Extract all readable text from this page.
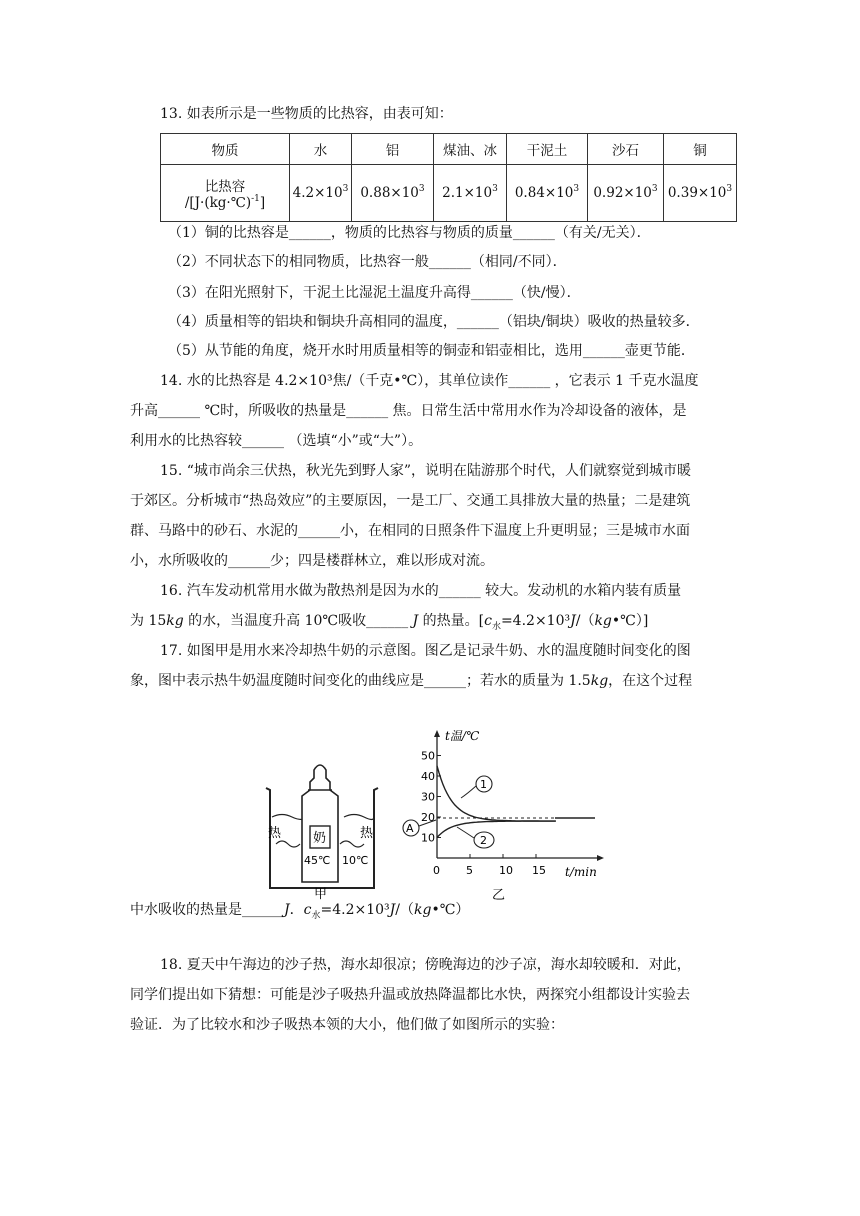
13. 如表所示是一些物质的比热容，由表可知：
物质	水	铝	煤油、冰	干泥土	沙石	铜

比热容
/[J·(kg·℃)$^{-1}$]	$4.2\times 10^3$	$0.88\times 10^3$	$2.1\times 10^3$	$0.84\times 10^3$	$0.92\times 10^3$	$0.39\times 10^3$
（1）铜的比热容是______，物质的比热容与物质的质量______（有关/无关）．
（2）不同状态下的相同物质，比热容一般______（相同/不同）．
（3）在阳光照射下，干泥土比湿泥土温度升高得______（快/慢）．
（4）质量相等的铝块和铜块升高相同的温度，______（铝块/铜块）吸收的热量较多．
（5）从节能的角度，烧开水时用质量相等的铜壶和铝壶相比，选用______壶更节能．
14. 水的比热容是 4.2×10³焦/（千克•℃），其单位读作______ ，它表示 1 千克水温度
升高______ ℃时，所吸收的热量是______ 焦。日常生活中常用水作为冷却设备的液体，是
利用水的比热容较______ （选填“小”或“大”）。
15. “城市尚余三伏热，秋光先到野人家”，说明在陆游那个时代，人们就察觉到城市暖
于郊区。分析城市“热岛效应”的主要原因，一是工厂、交通工具排放大量的热量；二是建筑
群、马路中的砂石、水泥的______小，在相同的日照条件下温度上升更明显；三是城市水面
小，水所吸收的______少；四是楼群林立，难以形成对流。
16. 汽车发动机常用水做为散热剂是因为水的______ 较大。发动机的水箱内装有质量
为 15kg 的水，当温度升高 10℃吸收______ J 的热量。$[c_水=4.2\times 10^3J/(kg•℃)]$
17. 如图甲是用水来冷却热牛奶的示意图。图乙是记录牛奶、水的温度随时间变化的图
象，图中表示热牛奶温度随时间变化的曲线应是______；若水的质量为 1.5kg，在这个过程
热	热
奶
45℃ 10℃
甲
10
20
30
40
50
0 5 10 15
1
2
A
t温/℃
t/min
乙
中水吸收的热量是______J．$c_水=4.2\times 10^3J/(kg•℃)$
18. 夏天中午海边的沙子热，海水却很凉；傍晚海边的沙子凉，海水却较暖和．对此，
同学们提出如下猜想：可能是沙子吸热升温或放热降温都比水快，两探究小组都设计实验去
验证．为了比较水和沙子吸热本领的大小，他们做了如图所示的实验：
